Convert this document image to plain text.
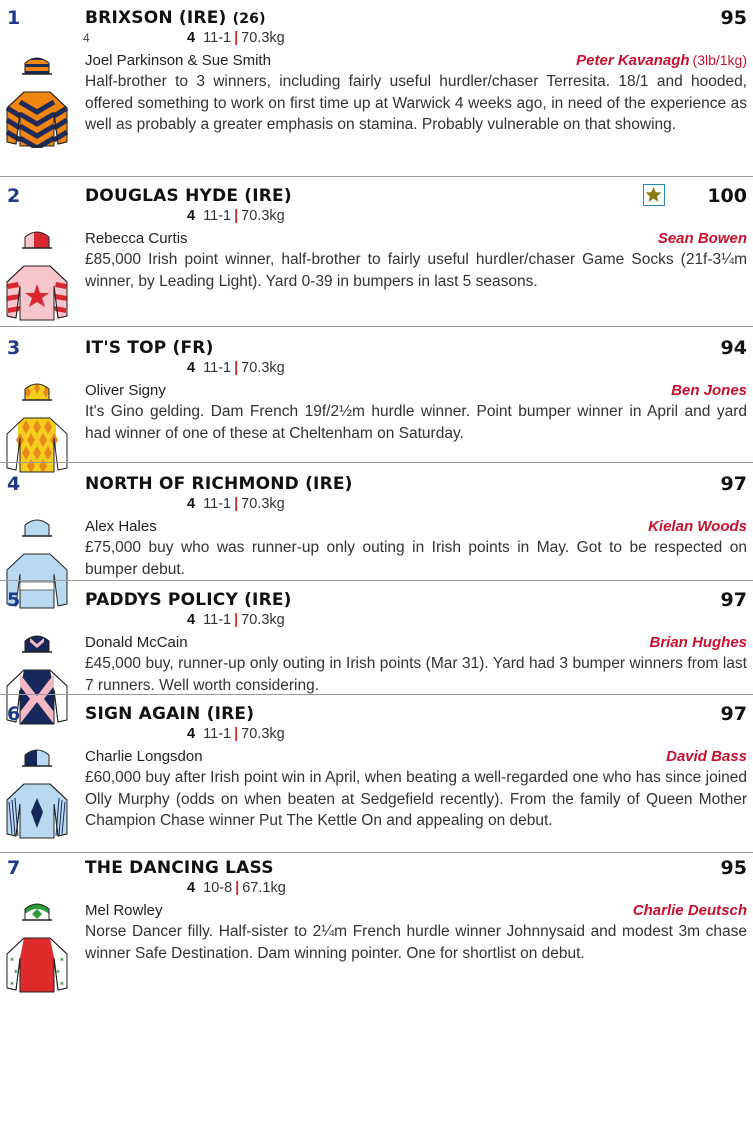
1	BRIXSON (IRE) (26)	95
4	4 11-1 | 70.3kg
Joel Parkinson & Sue Smith	Peter Kavanagh (3lb/1kg)
Half-brother to 3 winners, including fairly useful hurdler/chaser Terresita. 18/1 and hooded, offered something to work on first time up at Warwick 4 weeks ago, in need of the experience as well as probably a greater emphasis on stamina. Probably vulnerable on that showing.
2	DOUGLAS HYDE (IRE)	100
4 11-1 | 70.3kg
Rebecca Curtis	Sean Bowen
£85,000 Irish point winner, half-brother to fairly useful hurdler/chaser Game Socks (21f-3¼m winner, by Leading Light). Yard 0-39 in bumpers in last 5 seasons.
3	IT'S TOP (FR)	94
4 11-1 | 70.3kg
Oliver Signy	Ben Jones
It's Gino gelding. Dam French 19f/2½m hurdle winner. Point bumper winner in April and yard had winner of one of these at Cheltenham on Saturday.
4	NORTH OF RICHMOND (IRE)	97
4 11-1 | 70.3kg
Alex Hales	Kielan Woods
£75,000 buy who was runner-up only outing in Irish points in May. Got to be respected on bumper debut.
5	PADDYS POLICY (IRE)	97
4 11-1 | 70.3kg
Donald McCain	Brian Hughes
£45,000 buy, runner-up only outing in Irish points (Mar 31). Yard had 3 bumper winners from last 7 runners. Well worth considering.
6	SIGN AGAIN (IRE)	97
4 11-1 | 70.3kg
Charlie Longsdon	David Bass
£60,000 buy after Irish point win in April, when beating a well-regarded one who has since joined Olly Murphy (odds on when beaten at Sedgefield recently). From the family of Queen Mother Champion Chase winner Put The Kettle On and appealing on debut.
7	THE DANCING LASS	95
4 10-8 | 67.1kg
Mel Rowley	Charlie Deutsch
Norse Dancer filly. Half-sister to 2¼m French hurdle winner Johnnysaid and modest 3m chase winner Safe Destination. Dam winning pointer. One for shortlist on debut.
✶
✶
✶
✶
✶
✶
